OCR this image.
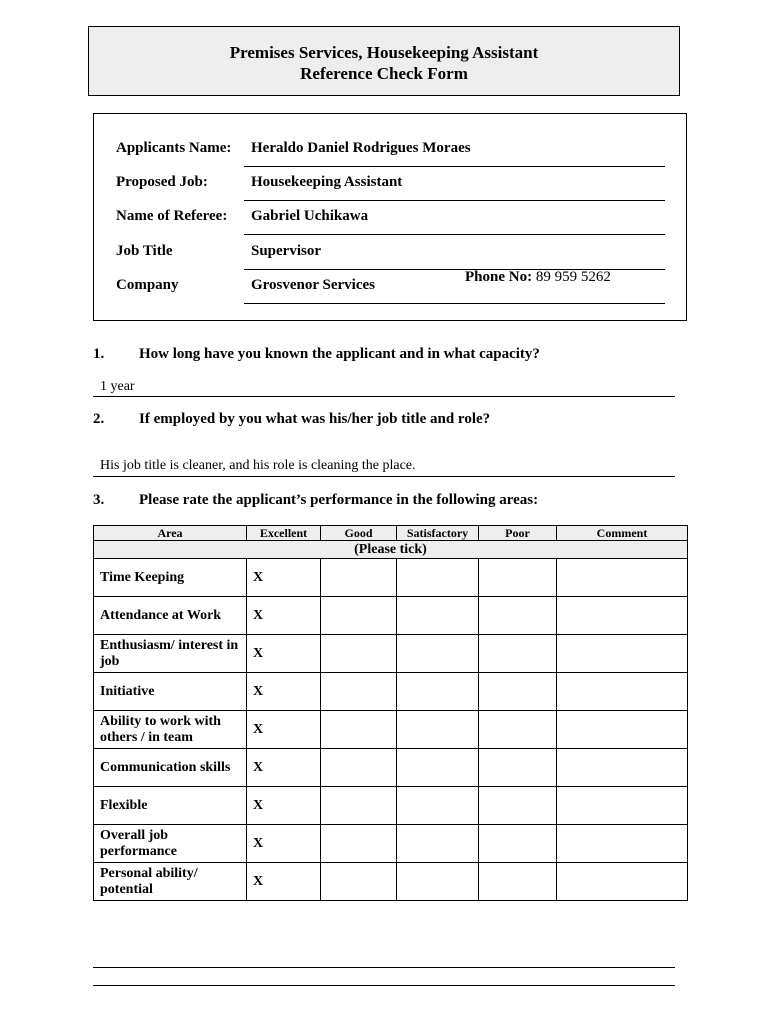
Premises Services, Housekeeping Assistant
Reference Check Form
Applicants Name: Heraldo Daniel Rodrigues Moraes
Proposed Job:	Housekeeping Assistant
Name of Referee: Gabriel Uchikawa
Job Title	Supervisor
Company	Grosvenor Services	Phone No: 89 959 5262
1. How long have you known the applicant and in what capacity?
1 year
2. If employed by you what was his/her job title and role?
His job title is cleaner, and his role is cleaning the place.
3. Please rate the applicant’s performance in the following areas:
Area	Excellent	Good	Satisfactory	Poor	Comment
(Please tick)					
Time Keeping	X				
Attendance at Work	X				
Enthusiasm/ interest in job	X				
Initiative	X				
Ability to work with others / in team	X				
Communication skills	X				
Flexible	X				
Overall job performance	X				
Personal ability/ potential	X				
